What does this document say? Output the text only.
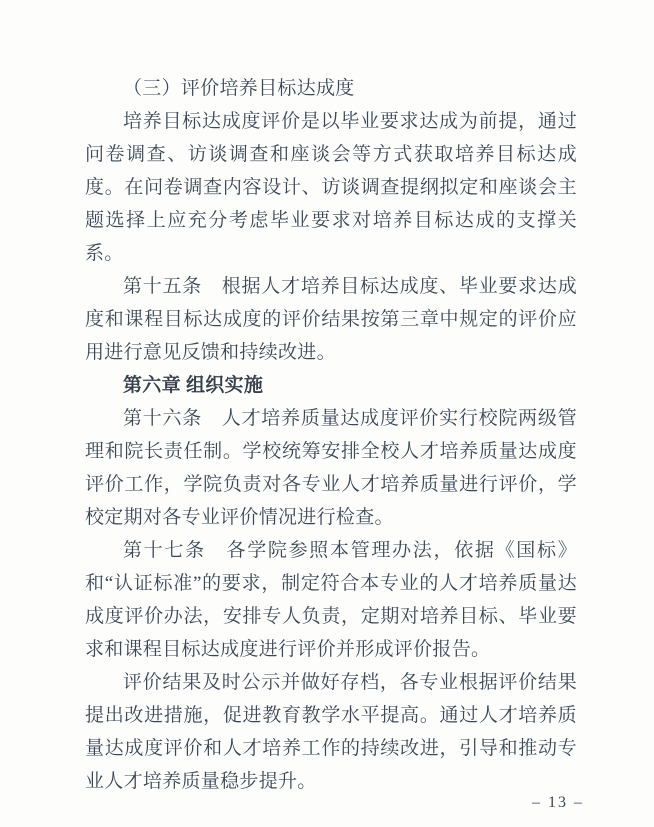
（三）评价培养目标达成度

培养目标达成度评价是以毕业要求达成为前提，通过问卷调查、访谈调查和座谈会等方式获取培养目标达成度。在问卷调查内容设计、访谈调查提纲拟定和座谈会主题选择上应充分考虑毕业要求对培养目标达成的支撑关系。

第十五条　根据人才培养目标达成度、毕业要求达成度和课程目标达成度的评价结果按第三章中规定的评价应用进行意见反馈和持续改进。

第六章 组织实施

第十六条　人才培养质量达成度评价实行校院两级管理和院长责任制。学校统筹安排全校人才培养质量达成度评价工作，学院负责对各专业人才培养质量进行评价，学校定期对各专业评价情况进行检查。

第十七条　各学院参照本管理办法，依据《国标》和“认证标准”的要求，制定符合本专业的人才培养质量达成度评价办法，安排专人负责，定期对培养目标、毕业要求和课程目标达成度进行评价并形成评价报告。

评价结果及时公示并做好存档，各专业根据评价结果提出改进措施，促进教育教学水平提高。通过人才培养质量达成度评价和人才培养工作的持续改进，引导和推动专业人才培养质量稳步提升。

– 13 –
